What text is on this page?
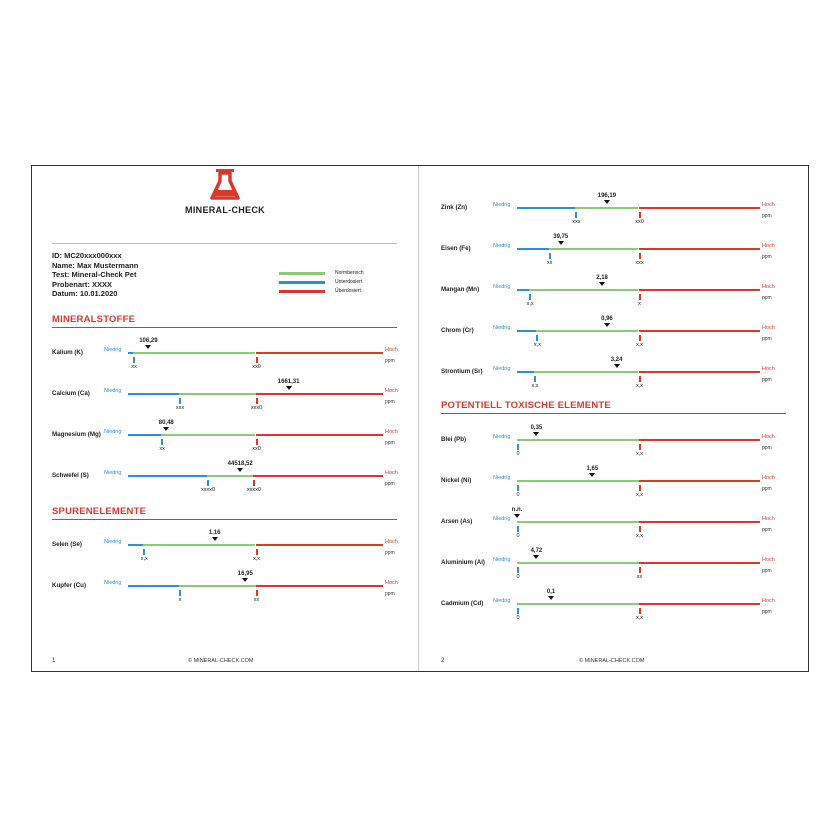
MINERAL-CHECK
ID: MC20xxx000xxx
Name: Max Mustermann
Test: Mineral-Check Pet
Probenart: XXXX
Datum: 10.01.2020
Normbereich
Unterdosiert
Überdosiert
MINERALSTOFFE
Kalium (K)	Niedrig	Hoch
ppm
xx	xx0
106,29
Calcium (Ca)	Niedrig	Hoch
ppm
xxx	xxx0
1661,31
Magnesium (Mg) Niedrig	Hoch
ppm
xx	xx0
80,48
Schwefel (S)	Niedrig	Hoch
ppm
xxxx0	xxxx0
44518,52
SPURENELEMENTE
Selen (Se)	Niedrig	Hoch
ppm
x,x	x,x
1,16
Kupfer (Cu)	Niedrig	Hoch
ppm
x	xx
16,95
1	© MINERAL-CHECK.COM
Zink (Zn)	Niedrig	Hoch
ppm
xxx	xx0
196,19
Eisen (Fe)	Niedrig	Hoch
ppm
xx	xxx
39,75
Mangan (Mn)	Niedrig	Hoch
ppm
x,x	x
2,18
Chrom (Cr)	Niedrig	Hoch
ppm
x,x	x,x
0,96
Strontium (Sr) Niedrig	Hoch
ppm
x,x	x,x
3,24
POTENTIELL TOXISCHE ELEMENTE
Blei (Pb)	Niedrig	Hoch
ppm
0	x,x
0,35
Nickel (Ni)	Niedrig	Hoch
ppm
0	x,x
1,65
Arsen (As)	Niedrig	Hoch
ppm
0	x,x
n.n.
Aluminium (Al) Niedrig	Hoch
ppm
0	xx
4,72
Cadmium (Cd) Niedrig	Hoch
ppm
0	x,x
0,1
2	© MINERAL-CHECK.COM
